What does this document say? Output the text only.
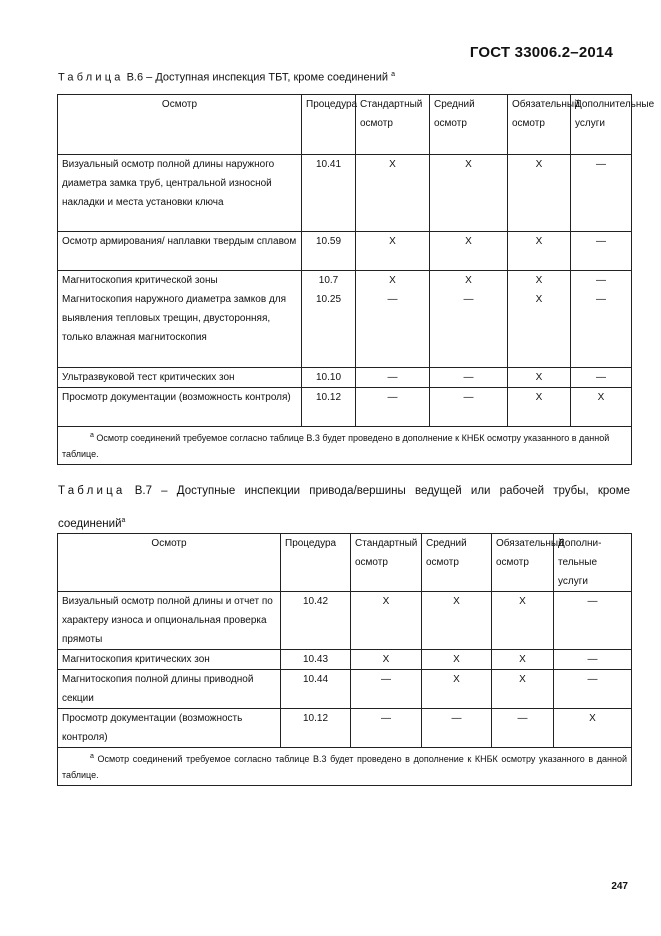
ГОСТ 33006.2–2014
Таблица В.6 – Доступная инспекция ТБТ, кроме соединений $^а$
Осмотр	Процедура	Стандартный осмотр	Средний осмотр	Обязательный осмотр	Дополнительные услуги
Визуальный осмотр полной длины наружного диаметра замка труб, центральной износной накладки и места установки ключа	10.41	X	X	X	—
Осмотр армирования/ наплавки твердым сплавом	10.59	X	X	X	—
Магнитоскопия критической зоны	10.7	X	X	X	—
Магнитоскопия наружного диаметра замков для выявления тепловых трещин, двусторонняя, только влажная магнитоскопия	10.25	—	—	X	—
Ультразвуковой тест критических зон	10.10	—	—	X	—
Просмотр документации (возможность контроля)	10.12	—	—	X	X
$^а$ Осмотр соединений требуемое согласно таблице В.3 будет проведено в дополнение к КНБК осмотру указанного в данной таблице.					
Таблица В.7 – Доступные инспекции привода/вершины ведущей или рабочей трубы, кроме соединений$^а$
Осмотр	Процедура	Стандартный осмотр	Средний осмотр	Обязательный осмотр	Дополни-тельные услуги
Визуальный осмотр полной длины и отчет по характеру износа и опциональная проверка прямоты	10.42	X	X	X	—
Магнитоскопия критических зон	10.43	X	X	X	—
Магнитоскопия полной длины приводной секции	10.44	—	X	X	—
Просмотр документации (возможность контроля)	10.12	—	—	—	X
$^а$ Осмотр соединений требуемое согласно таблице В.3 будет проведено в дополнение к КНБК осмотру указанного в данной таблице.					
247
